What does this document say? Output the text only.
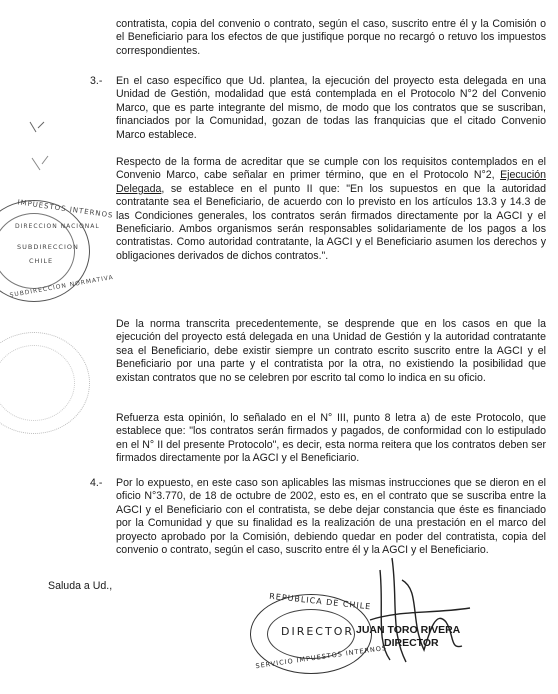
contratista, copia del convenio o contrato, según el caso, suscrito entre él y la Comisión o el Beneficiario para los efectos de que justifique porque no recargó o retuvo los impuestos correspondientes.

3.- En el caso específico que Ud. plantea, la ejecución del proyecto esta delegada en una Unidad de Gestión, modalidad que está contemplada en el Protocolo N°2 del Convenio Marco, que es parte integrante del mismo, de modo que los contratos que se suscriban, financiados por la Comunidad, gozan de todas las franquicias que el citado Convenio Marco establece.

Respecto de la forma de acreditar que se cumple con los requisitos contemplados en el Convenio Marco, cabe señalar en primer término, que en el Protocolo N°2, Ejecución Delegada, se establece en el punto II que: "En los supuestos en que la autoridad contratante sea el Beneficiario, de acuerdo con lo previsto en los artículos 13.3 y 14.3 de las Condiciones generales, los contratos serán firmados directamente por la AGCI y el Beneficiario. Ambos organismos serán responsables solidariamente de los pagos a los contratistas. Como autoridad contratante, la AGCI y el Beneficiario asumen los derechos y obligaciones derivados de dichos contratos.".

De la norma transcrita precedentemente, se desprende que en los casos en que la ejecución del proyecto está delegada en una Unidad de Gestión y la autoridad contratante sea el Beneficiario, debe existir siempre un contrato escrito suscrito entre la AGCI y el Beneficiario por una parte y el contratista por la otra, no existiendo la posibilidad que existan contratos que no se celebren por escrito tal como lo indica en su oficio.

Refuerza esta opinión, lo señalado en el N° III, punto 8 letra a) de este Protocolo, que establece que: "los contratos serán firmados y pagados, de conformidad con lo estipulado en el N° II del presente Protocolo", es decir, esta norma reitera que los contratos deben ser firmados directamente por la AGCI y el Beneficiario.

4.- Por lo expuesto, en este caso son aplicables las mismas instrucciones que se dieron en el oficio N°3.770, de 18 de octubre de 2002, esto es, en el contrato que se suscriba entre la AGCI y el Beneficiario con el contratista, se debe dejar constancia que éste es financiado por la Comunidad y que su finalidad es la realización de una prestación en el marco del proyecto aprobado por la Comisión, debiendo quedar en poder del contratista, copia del convenio o contrato, según el caso, suscrito entre él y la AGCI y el Beneficiario.

Saluda a Ud.,

IMPUESTOS INTERNOS
DIRECCION NACIONAL
SUBDIRECCION
CHILE
SUBDIRECCION NORMATIVA
REPUBLICA DE CHILE
DIRECTOR
SERVICIO IMPUESTOS INTERNOS
JUAN TORO RIVERA
DIRECTOR
